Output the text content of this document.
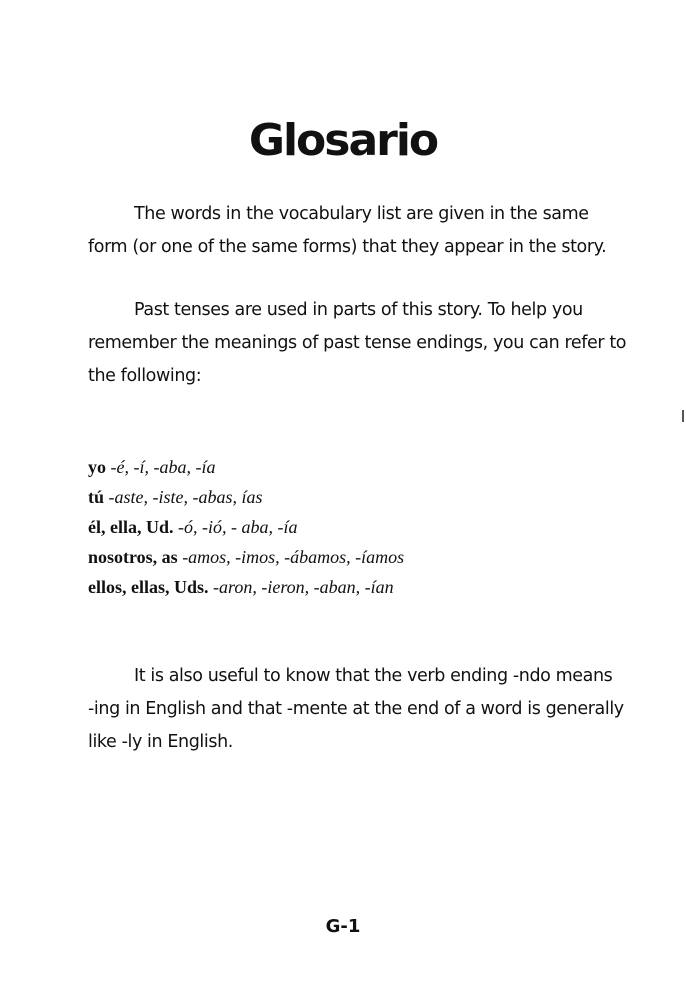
Glosario

The words in the vocabulary list are given in the same
form (or one of the same forms) that they appear in the story.

Past tenses are used in parts of this story. To help you
remember the meanings of past tense endings, you can refer to
the following:

yo -é, -í, -aba, -ía
tú -aste, -iste, -abas, ías
él, ella, Ud. -ó, -ió, - aba, -ía
nosotros, as -amos, -imos, -ábamos, -íamos
ellos, ellas, Uds. -aron, -ieron, -aban, -ían

It is also useful to know that the verb ending -ndo means
-ing in English and that -mente at the end of a word is generally
like -ly in English.

G-1
